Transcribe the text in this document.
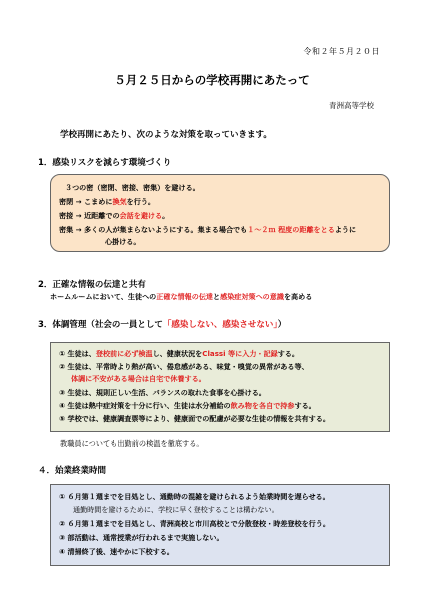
令和２年５月２０日
５月２５日からの学校再開にあたって
青洲高等学校
学校再開にあたり、次のような対策を取っていきます。
1．感染リスクを減らす環境づくり
３つの密（密閉、密接、密集）を避ける。
密閉 → こまめに換気を行う。
密接 → 近距離での会話を避ける。
密集 → 多くの人が集まらないようにする。集まる場合でも１～２ｍ 程度の距離をとるように
心掛ける。
2．正確な情報の伝達と共有
ホームルームにおいて、生徒への正確な情報の伝達と感染症対策への意識を高める
3．体調管理（社会の一員として「感染しない、感染させない」）
① 生徒は、登校前に必ず検温し、健康状況をClassi 等に入力・記録する。
② 生徒は、平常時より熱が高い、倦怠感がある、味覚・嗅覚の異常がある等、
体調に不安がある場合は自宅で休養する。
③ 生徒は、規則正しい生活、バランスの取れた食事を心掛ける。
④ 生徒は熱中症対策を十分に行い、生徒は水分補給の飲み物を各自で持参する。
⑤ 学校では、健康調査票等により、健康面での配慮が必要な生徒の情報を共有する。
教職員についても出勤前の検温を徹底する。
４．始業終業時間
① ６月第１週までを目処とし、通勤時の混雑を避けられるよう始業時間を遅らせる。
通勤時間を避けるために、学校に早く登校することは構わない。
② ６月第１週までを目処とし、青洲高校と市川高校とで分散登校・時差登校を行う。
③ 部活動は、通常授業が行われるまで実施しない。
④ 清掃終了後、速やかに下校する。
